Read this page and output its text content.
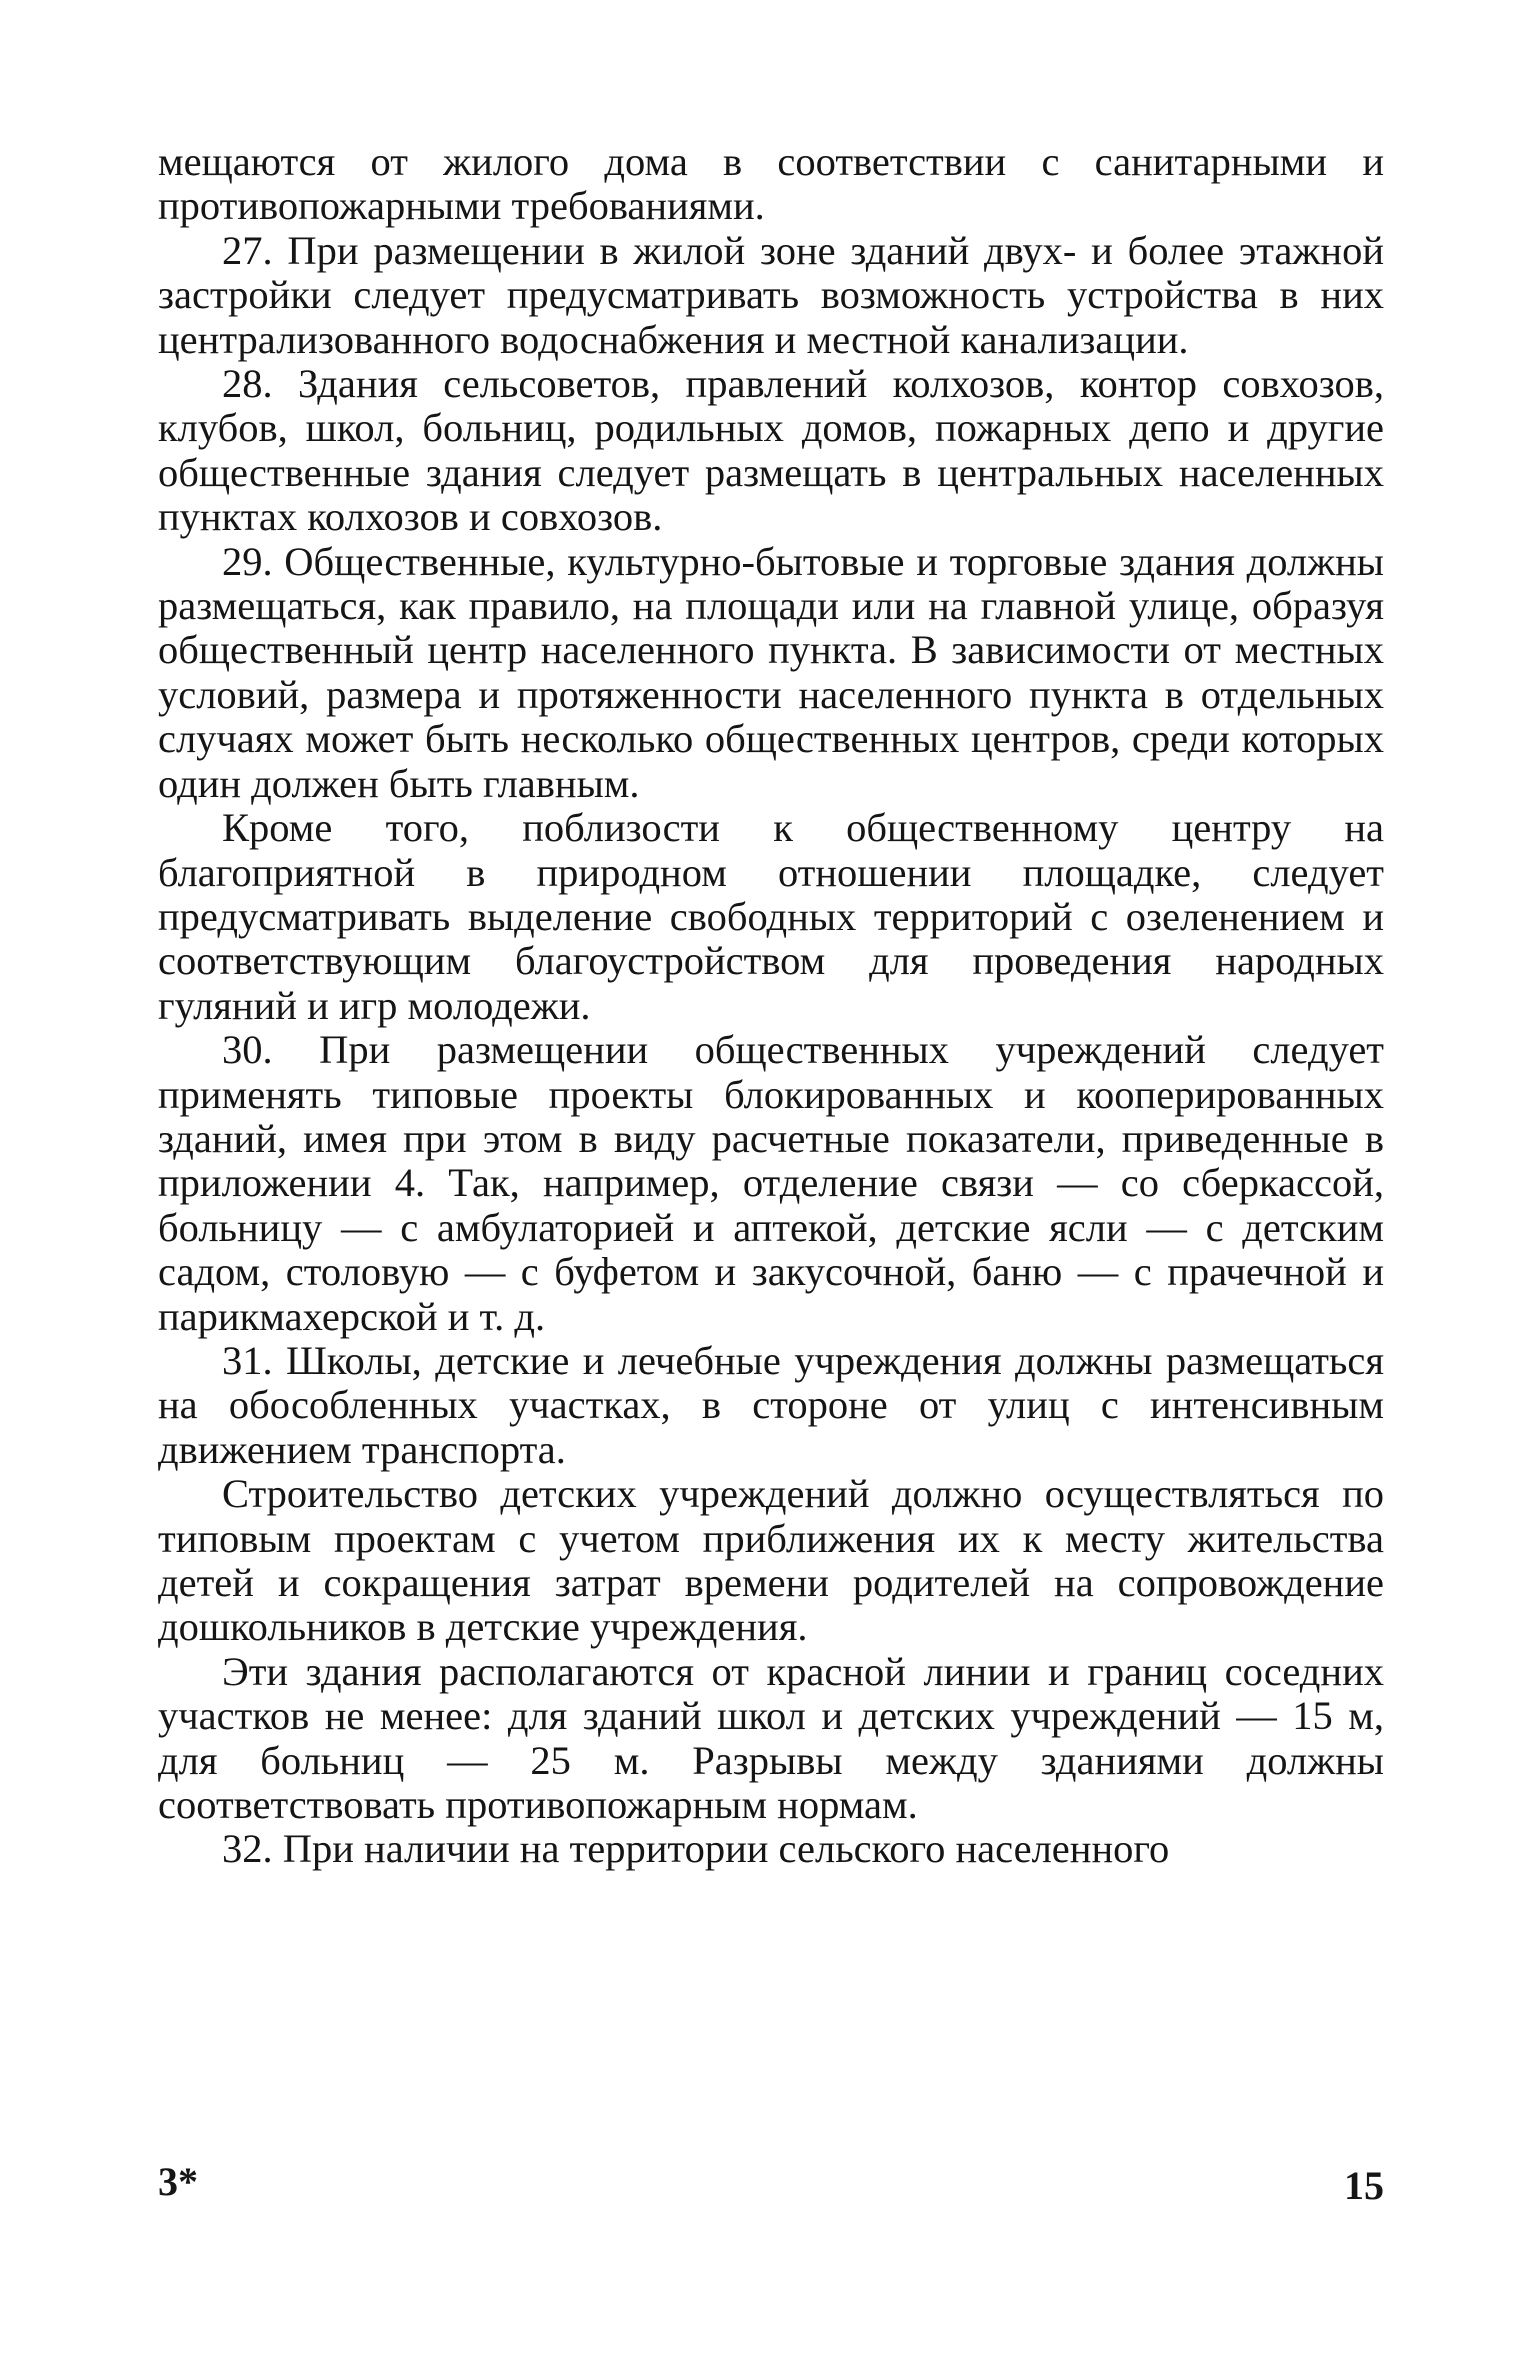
мещаются от жилого дома в соответствии с санитарными и противопожарными требованиями.

27. При размещении в жилой зоне зданий двух- и более этажной застройки следует предусматривать возможность устройства в них централизованного водоснабжения и местной канализации.

28. Здания сельсоветов, правлений колхозов, контор совхозов, клубов, школ, больниц, родильных домов, пожарных депо и другие общественные здания следует размещать в центральных населенных пунктах колхозов и совхозов.

29. Общественные, культурно-бытовые и торговые здания должны размещаться, как правило, на площади или на главной улице, образуя общественный центр населенного пункта. В зависимости от местных условий, размера и протяженности населенного пункта в отдельных случаях может быть несколько общественных центров, среди которых один должен быть главным.

Кроме того, поблизости к общественному центру на благоприятной в природном отношении площадке, следует предусматривать выделение свободных территорий с озеленением и соответствующим благоустройством для проведения народных гуляний и игр молодежи.

30. При размещении общественных учреждений следует применять типовые проекты блокированных и кооперированных зданий, имея при этом в виду расчетные показатели, приведенные в приложении 4. Так, например, отделение связи — со сберкассой, больницу — с амбулаторией и аптекой, детские ясли — с детским садом, столовую — с буфетом и закусочной, баню — с прачечной и парикмахерской и т. д.

31. Школы, детские и лечебные учреждения должны размещаться на обособленных участках, в стороне от улиц с интенсивным движением транспорта.

Строительство детских учреждений должно осуществляться по типовым проектам с учетом приближения их к месту жительства детей и сокращения затрат времени родителей на сопровождение дошкольников в детские учреждения.

Эти здания располагаются от красной линии и границ соседних участков не менее: для зданий школ и детских учреждений — 15 м, для больниц — 25 м. Разрывы между зданиями должны соответствовать противопожарным нормам.

32. При наличии на территории сельского населенного

3*	15
